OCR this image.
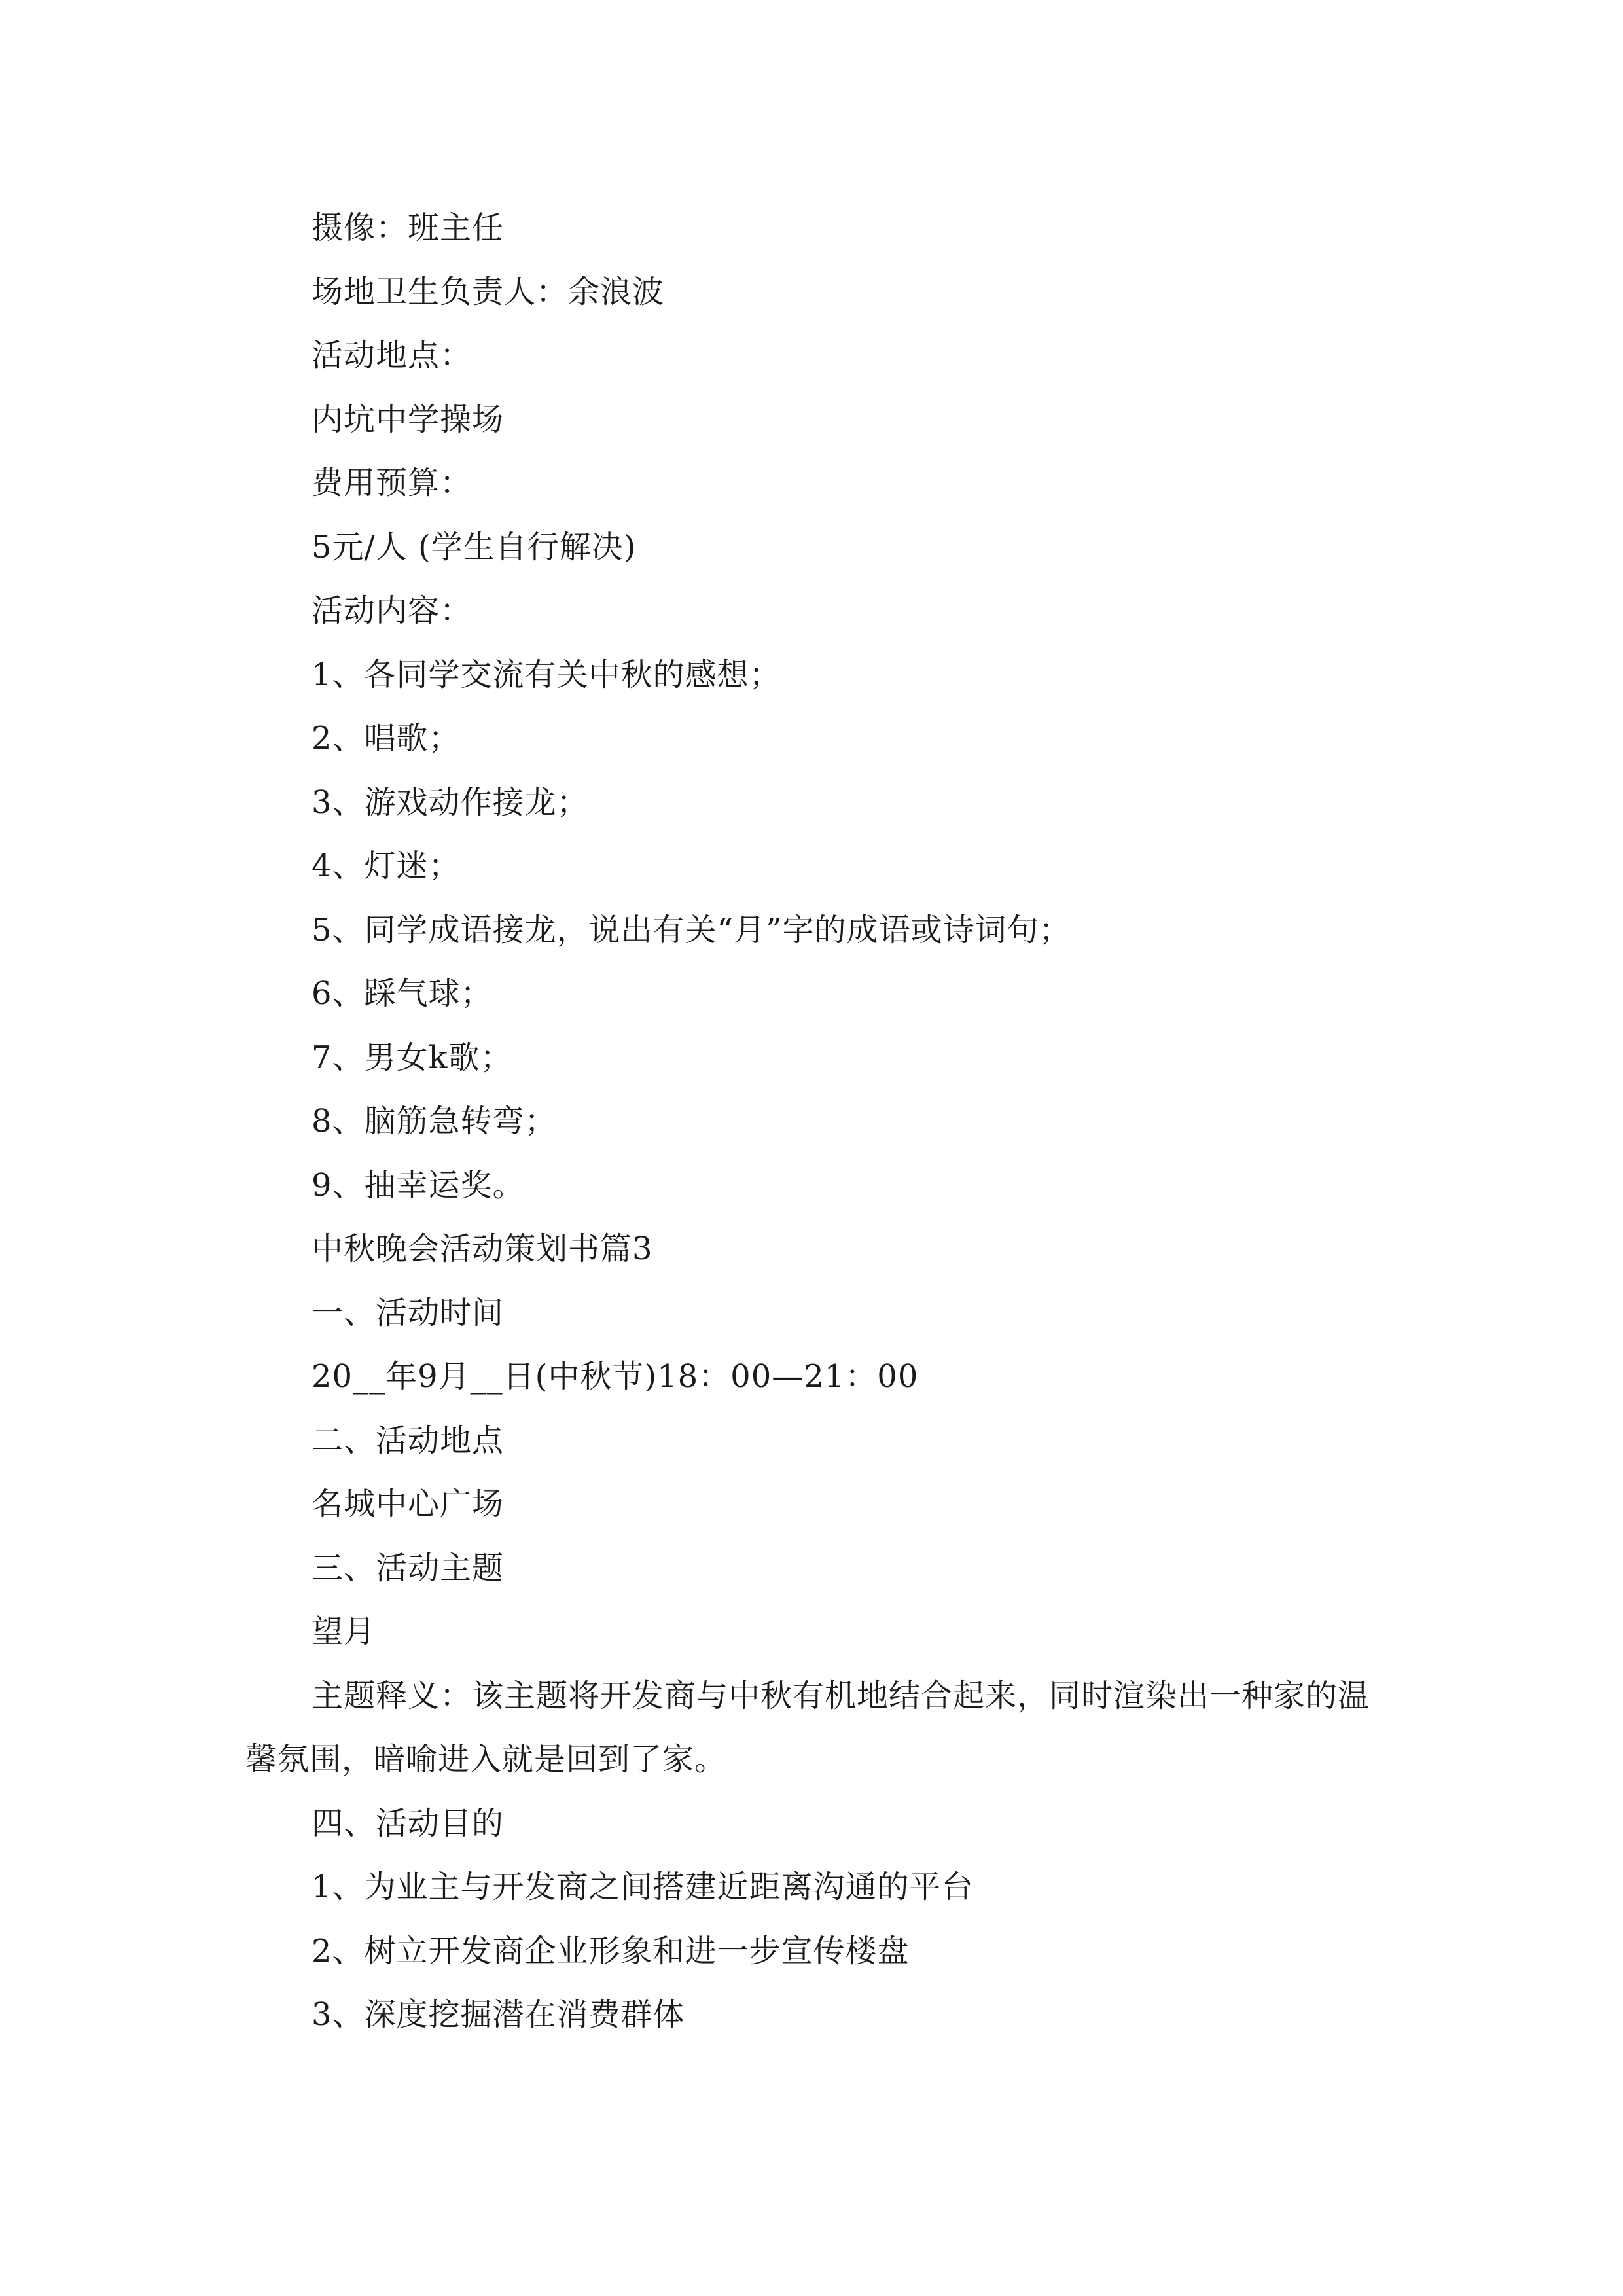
摄像：班主任
场地卫生负责人：余浪波
活动地点：
内坑中学操场
费用预算：
5元/人 (学生自行解决)
活动内容：
1、各同学交流有关中秋的感想；
2、唱歌；
3、游戏动作接龙；
4、灯迷；
5、同学成语接龙，说出有关“月”字的成语或诗词句；
6、踩气球；
7、男女k歌；
8、脑筋急转弯；
9、抽幸运奖。
中秋晚会活动策划书篇3
一、活动时间
20__年9月__日(中秋节)18：00—21：00
二、活动地点
名城中心广场
三、活动主题
望月
主题释义：该主题将开发商与中秋有机地结合起来，同时渲染出一种家的温馨氛围，暗喻进入就是回到了家。
四、活动目的
1、为业主与开发商之间搭建近距离沟通的平台
2、树立开发商企业形象和进一步宣传楼盘
3、深度挖掘潜在消费群体
